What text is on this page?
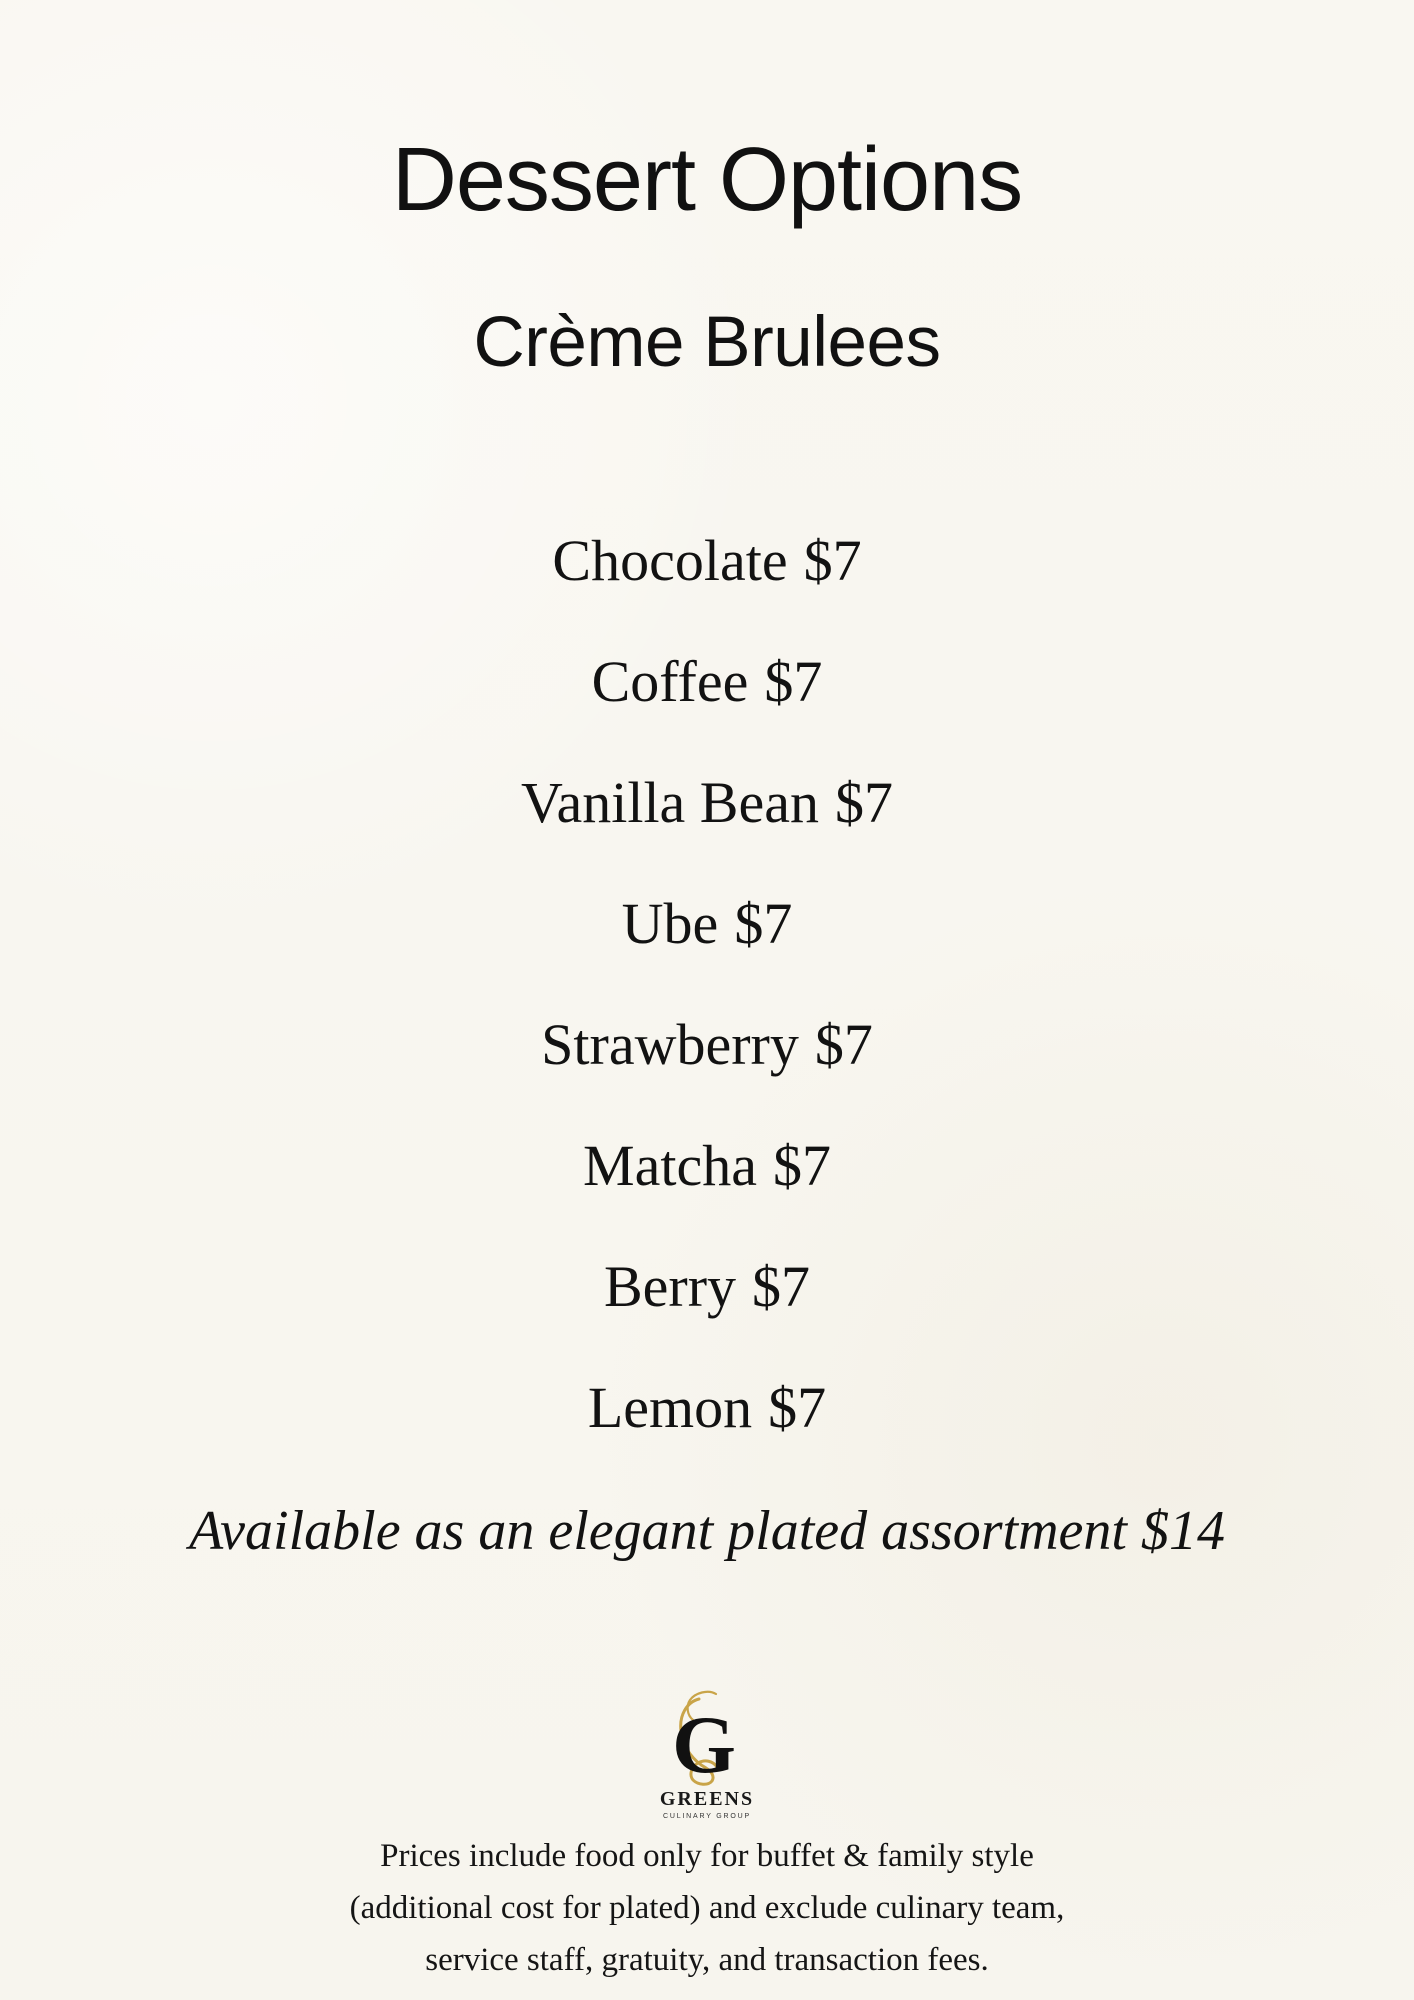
Dessert Options
Crème Brulees
Chocolate $7
Coffee $7
Vanilla Bean $7
Ube $7
Strawberry $7
Matcha $7
Berry $7
Lemon $7
Available as an elegant plated assortment $14
G
GREENS
CULINARY GROUP
Prices include food only for buffet & family style
(additional cost for plated) and exclude culinary team,
service staff, gratuity, and transaction fees.
